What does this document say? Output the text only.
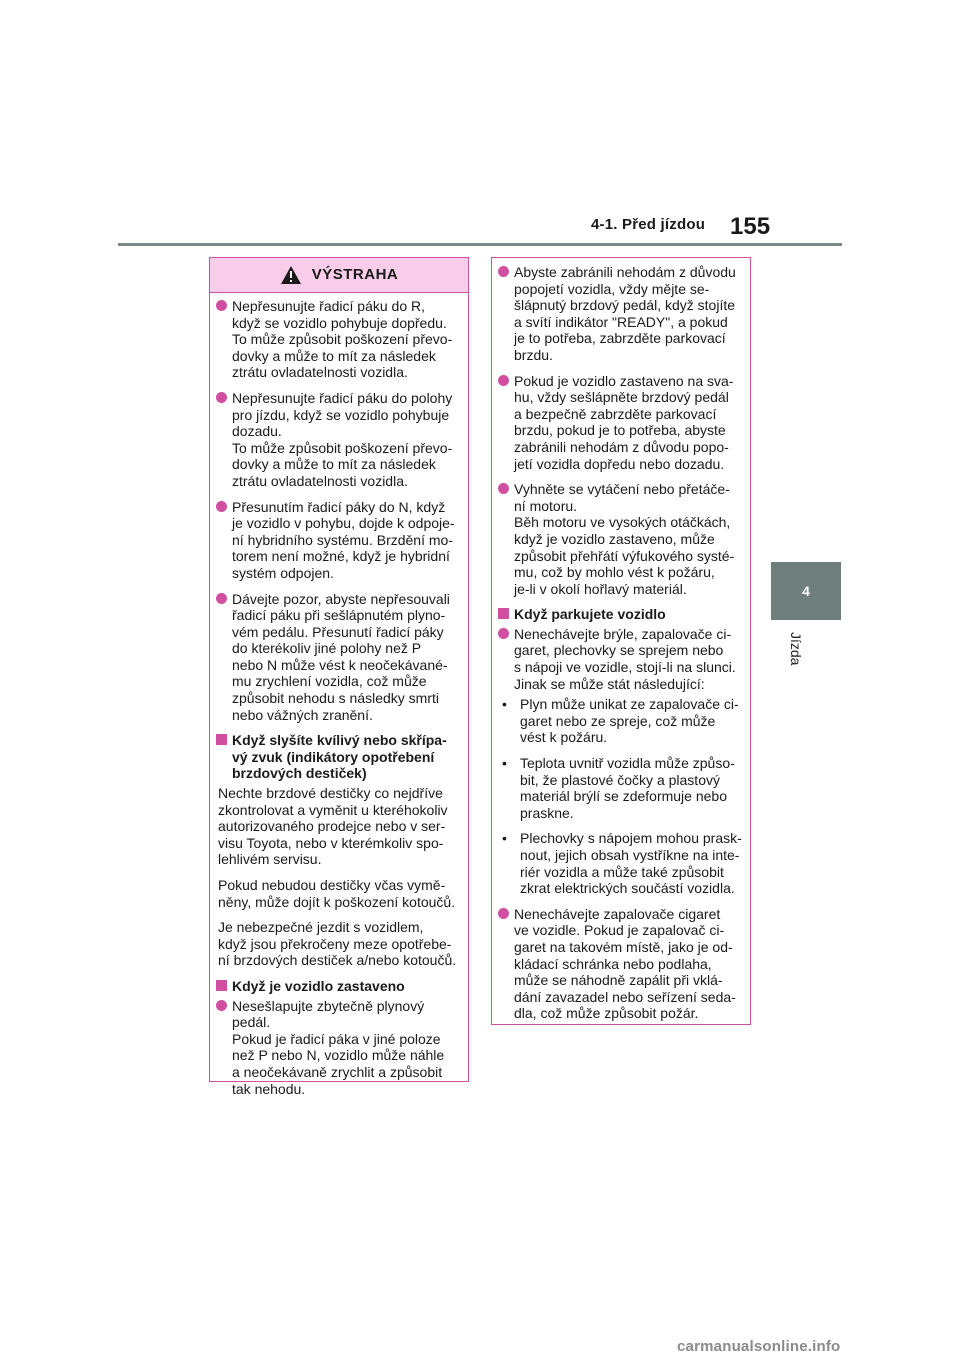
4-1. Před jízdou 155
4
Jízda
VÝSTRAHA
Nepřesunujte řadicí páku do R,
když se vozidlo pohybuje dopředu.
To může způsobit poškození převo-
dovky a může to mít za následek
ztrátu ovladatelnosti vozidla.
Nepřesunujte řadicí páku do polohy
pro jízdu, když se vozidlo pohybuje
dozadu.
To může způsobit poškození převo-
dovky a může to mít za následek
ztrátu ovladatelnosti vozidla.
Přesunutím řadicí páky do N, když
je vozidlo v pohybu, dojde k odpoje-
ní hybridního systému. Brzdění mo-
torem není možné, když je hybridní
systém odpojen.
Dávejte pozor, abyste nepřesouvali
řadicí páku při sešlápnutém plyno-
vém pedálu. Přesunutí řadicí páky
do kterékoliv jiné polohy než P
nebo N může vést k neočekávané-
mu zrychlení vozidla, což může
způsobit nehodu s následky smrti
nebo vážných zranění.
Když slyšíte kvílivý nebo skřípa-
vý zvuk (indikátory opotřebení
brzdových destiček)
Nechte brzdové destičky co nejdříve
zkontrolovat a vyměnit u kteréhokoliv
autorizovaného prodejce nebo v ser-
visu Toyota, nebo v kterémkoliv spo-
lehlivém servisu.
Pokud nebudou destičky včas vymě-
něny, může dojít k poškození kotoučů.
Je nebezpečné jezdit s vozidlem,
když jsou překročeny meze opotřebe-
ní brzdových destiček a/nebo kotoučů.
Když je vozidlo zastaveno
Nesešlapujte zbytečně plynový pedál.
Pokud je řadicí páka v jiné poloze
než P nebo N, vozidlo může náhle
a neočekávaně zrychlit a způsobit
tak nehodu.
Abyste zabránili nehodám z důvodu
popojetí vozidla, vždy mějte se-
šlápnutý brzdový pedál, když stojíte
a svítí indikátor "READY", a pokud
je to potřeba, zabrzděte parkovací
brzdu.
Pokud je vozidlo zastaveno na sva-
hu, vždy sešlápněte brzdový pedál
a bezpečně zabrzděte parkovací
brzdu, pokud je to potřeba, abyste
zabránili nehodám z důvodu popo-
jetí vozidla dopředu nebo dozadu.
Vyhněte se vytáčení nebo přetáče-
ní motoru.
Běh motoru ve vysokých otáčkách,
když je vozidlo zastaveno, může
způsobit přehřátí výfukového systé-
mu, což by mohlo vést k požáru,
je-li v okolí hořlavý materiál.
Když parkujete vozidlo
Nenechávejte brýle, zapalovače ci-
garet, plechovky se sprejem nebo
s nápoji ve vozidle, stojí-li na slunci.
Jinak se může stát následující:
• Plyn může unikat ze zapalovače ci-
garet nebo ze spreje, což může
vést k požáru.
• Teplota uvnitř vozidla může způso-
bit, že plastové čočky a plastový
materiál brýlí se zdeformuje nebo
praskne.
• Plechovky s nápojem mohou prask-
nout, jejich obsah vystříkne na inte-
riér vozidla a může také způsobit
zkrat elektrických součástí vozidla.
Nenechávejte zapalovače cigaret
ve vozidle. Pokud je zapalovač ci-
garet na takovém místě, jako je od-
kládací schránka nebo podlaha,
může se náhodně zapálit při vklá-
dání zavazadel nebo seřízení seda-
dla, což může způsobit požár.
carmanualsonline.info
